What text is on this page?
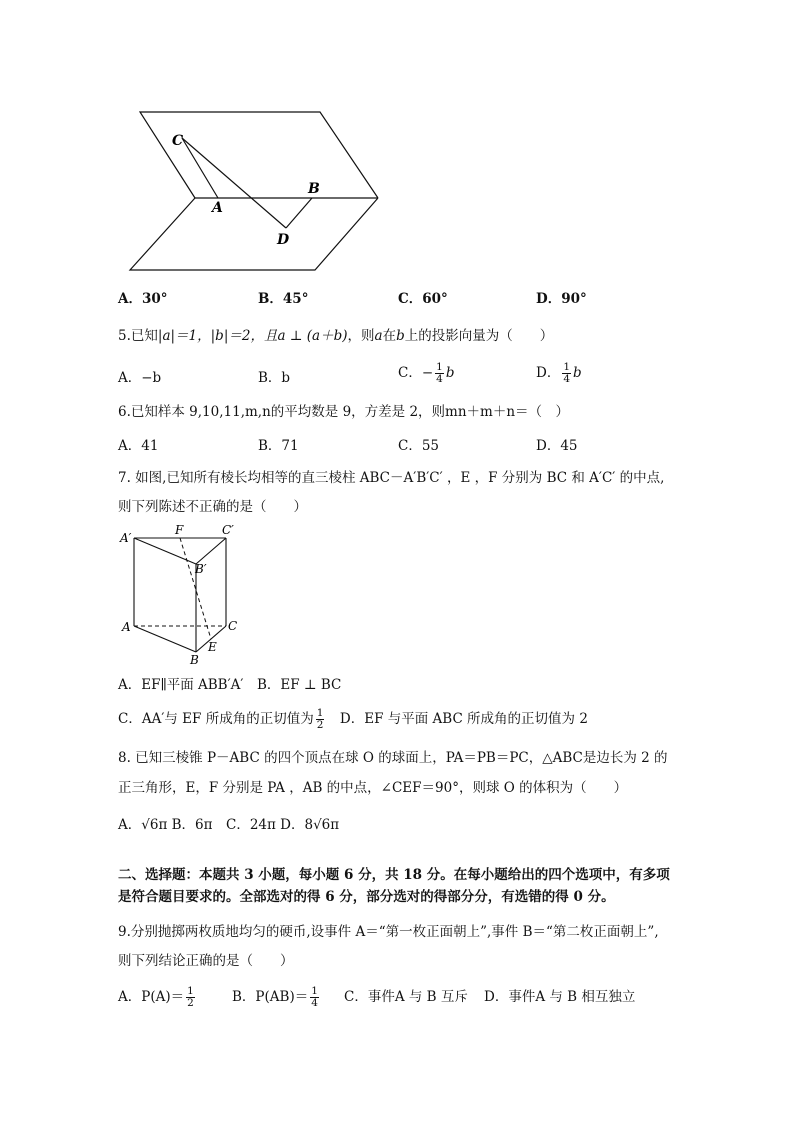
C
A
B
D
A．30°	B．45°	C．60°	D．90°
5.已知|a|＝1，|b|＝2，且a ⊥ (a＋b)，则a在b上的投影向量为（　　）
A．−b	B．b	C．− $\frac{1}{4}$ b	D． $\frac{1}{4}$ b
6.已知样本 9,10,11,m,n的平均数是 9，方差是 2，则mn＋m＋n＝（　）
A．41	B．71	C．55	D．45
7. 如图,已知所有棱长均相等的直三棱柱 ABC－A′B′C′ ，E ，F 分别为 BC 和 A′C′ 的中点,
则下列陈述不正确的是（　　）
A′
F	C′
B′
A	C
E
B
A．EF∥平面 ABB′A′　B．EF ⊥ BC
C．AA′与 EF 所成角的正切值为 $\frac{1}{2}$ 　D．EF 与平面 ABC 所成角的正切值为 2
8. 已知三棱锥 P－ABC 的四个顶点在球 O 的球面上，PA＝PB＝PC，△ABC是边长为 2 的
正三角形，E，F 分别是 PA ，AB 的中点，∠CEF＝90°，则球 O 的体积为（　　）
A．√6π B．6π　C．24π D．8√6π
二、选择题：本题共 3 小题，每小题 6 分，共 18 分。在每小题给出的四个选项中，有多项
是符合题目要求的。全部选对的得 6 分，部分选对的得部分分，有选错的得 0 分。
9.分别抛掷两枚质地均匀的硬币,设事件 A＝“第一枚正面朝上”,事件 B＝“第二枚正面朝上”,
则下列结论正确的是（　　）
A．$P(A)= \frac{1}{2}$	B．$P(AB)= \frac{1}{4}$ C．事件A 与 B 互斥 D．事件A 与 B 相互独立
